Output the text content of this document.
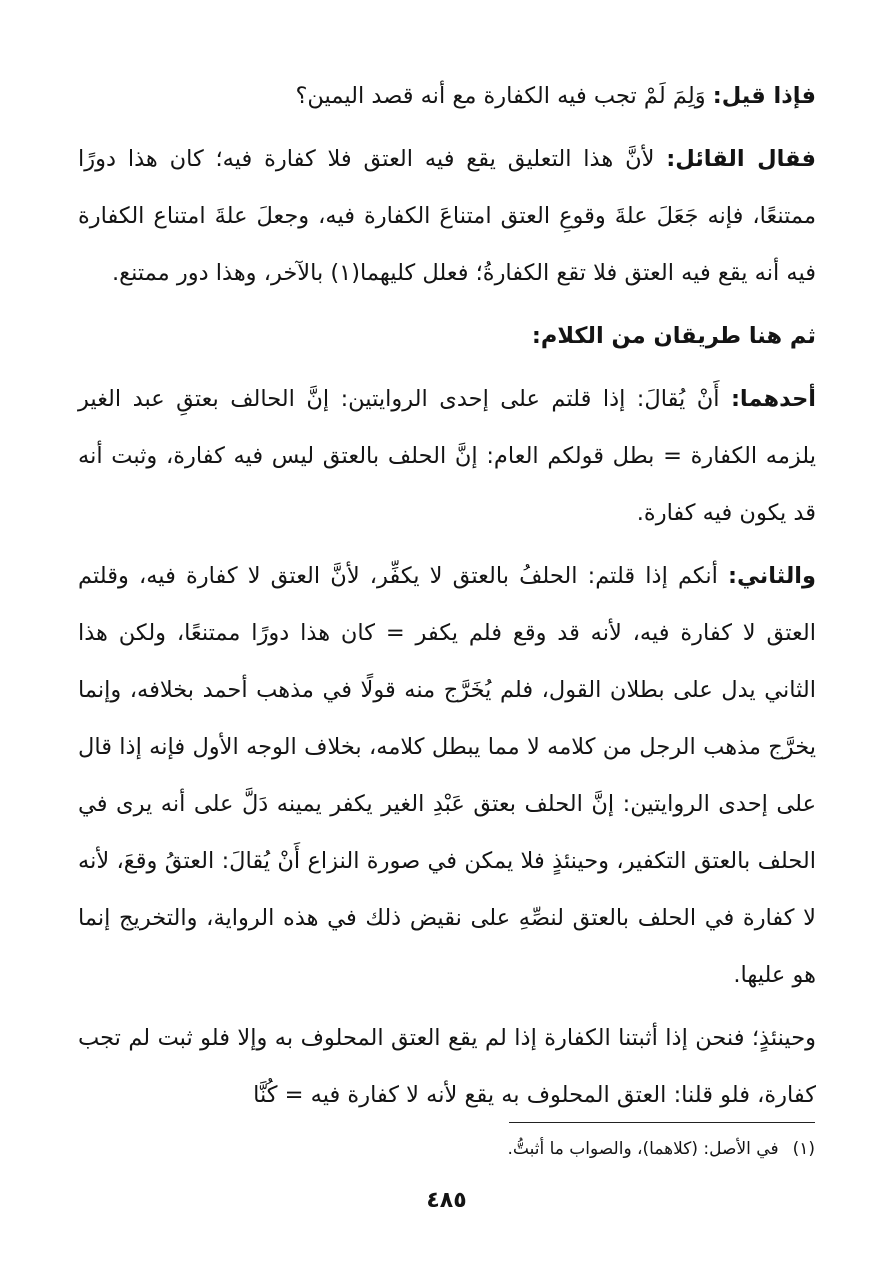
فإذا قيل: وَلِمَ لَمْ تجب فيه الكفارة مع أنه قصد اليمين؟

فقال القائل: لأنَّ هذا التعليق يقع فيه العتق فلا كفارة فيه؛ كان هذا دورًا ممتنعًا، فإنه جَعَلَ علةَ وقوعِ العتق امتناعَ الكفارة فيه، وجعلَ علةَ امتناع الكفارة فيه أنه يقع فيه العتق فلا تقع الكفارةُ؛ فعلل كليهما(١) بالآخر، وهذا دور ممتنع.

ثم هنا طريقان من الكلام:

أحدهما: أَنْ يُقالَ: إذا قلتم على إحدى الروايتين: إنَّ الحالف بعتقِ عبد الغير يلزمه الكفارة = بطل قولكم العام: إنَّ الحلف بالعتق ليس فيه كفارة، وثبت أنه قد يكون فيه كفارة.

والثاني: أنكم إذا قلتم: الحلفُ بالعتق لا يكفِّر، لأنَّ العتق لا كفارة فيه، وقلتم العتق لا كفارة فيه، لأنه قد وقع فلم يكفر = كان هذا دورًا ممتنعًا، ولكن هذا الثاني يدل على بطلان القول، فلم يُخَرَّج منه قولًا في مذهب أحمد بخلافه، وإنما يخرَّج مذهب الرجل من كلامه لا مما يبطل كلامه، بخلاف الوجه الأول فإنه إذا قال على إحدى الروايتين: إنَّ الحلف بعتق عَبْدِ الغير يكفر يمينه دَلَّ على أنه يرى في الحلف بالعتق التكفير، وحينئذٍ فلا يمكن في صورة النزاع أَنْ يُقالَ: العتقُ وقعَ، لأنه لا كفارة في الحلف بالعتق لنصِّهِ على نقيض ذلك في هذه الرواية، والتخريج إنما هو عليها.

وحينئذٍ؛ فنحن إذا أثبتنا الكفارة إذا لم يقع العتق المحلوف به وإلا فلو ثبت لم تجب كفارة، فلو قلنا: العتق المحلوف به يقع لأنه لا كفارة فيه = كُنَّا

(١)في الأصل: (كلاهما)، والصواب ما أثبتُّ.
٤٨٥
